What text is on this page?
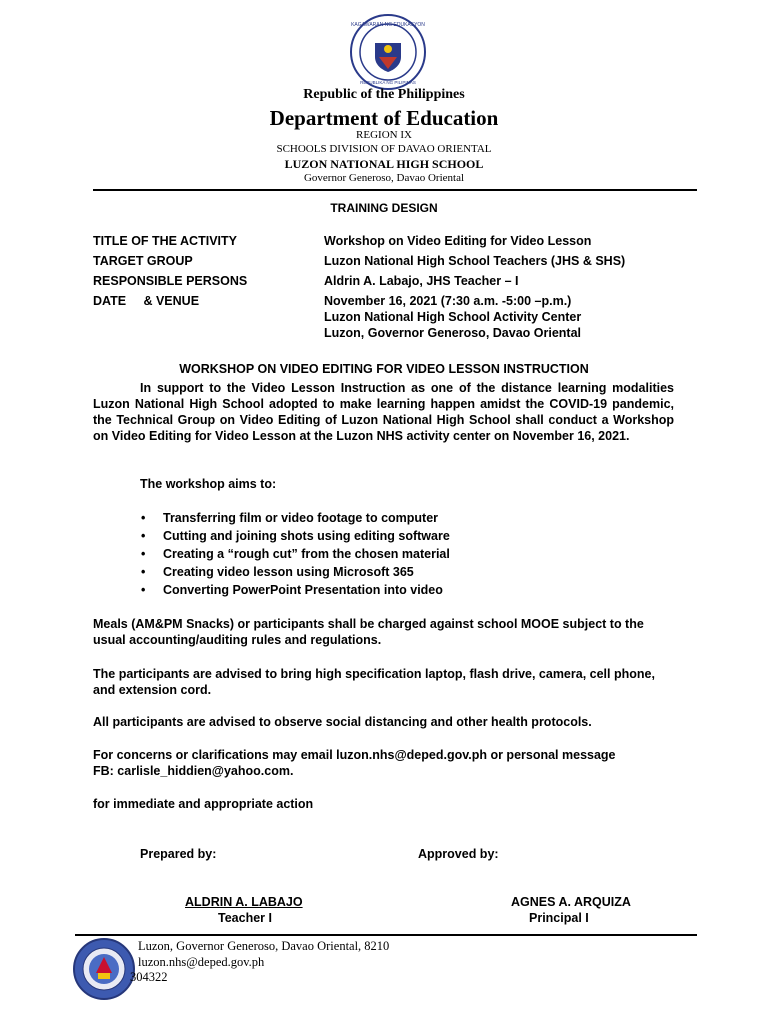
KAGAWARAN NG EDUKASYON
REPUBLIKA NG PILIPINAS
Republic of the Philippines
Department of Education
REGION IX
SCHOOLS DIVISION OF DAVAO ORIENTAL
LUZON NATIONAL HIGH SCHOOL
Governor Generoso, Davao Oriental
TRAINING DESIGN
TITLE OF THE ACTIVITY	Workshop on Video Editing for Video Lesson
TARGET GROUP	Luzon National High School Teachers (JHS & SHS)
RESPONSIBLE PERSONS	Aldrin A. Labajo, JHS Teacher – I
DATE     & VENUE	November 16, 2021 (7:30 a.m. -5:00 –p.m.)
Luzon National High School Activity Center
Luzon, Governor Generoso, Davao Oriental
WORKSHOP ON VIDEO EDITING FOR VIDEO LESSON INSTRUCTION
In support to the Video Lesson Instruction as one of the distance learning modalities Luzon National High School adopted to make learning happen amidst the COVID-19 pandemic, the Technical Group on Video Editing of Luzon National High School shall conduct a Workshop on Video Editing for Video Lesson at the Luzon NHS activity center on November 16, 2021.
The workshop aims to:
• Transferring film or video footage to computer
• Cutting and joining shots using editing software
• Creating a “rough cut” from the chosen material
• Creating video lesson using Microsoft 365
• Converting PowerPoint Presentation into video
Meals (AM&PM Snacks) or participants shall be charged against school MOOE subject to the usual accounting/auditing rules and regulations.
The participants are advised to bring high specification laptop, flash drive, camera, cell phone, and extension cord.
All participants are advised to observe social distancing and other health protocols.
For concerns or clarifications may email luzon.nhs@deped.gov.ph or personal message FB: carlisle_hiddien@yahoo.com.
for immediate and appropriate action
Prepared by:	Approved by:
ALDRIN A. LABAJO
Teacher I
AGNES A. ARQUIZA
Principal I
Luzon, Governor Generoso, Davao Oriental, 8210
luzon.nhs@deped.gov.ph
304322
